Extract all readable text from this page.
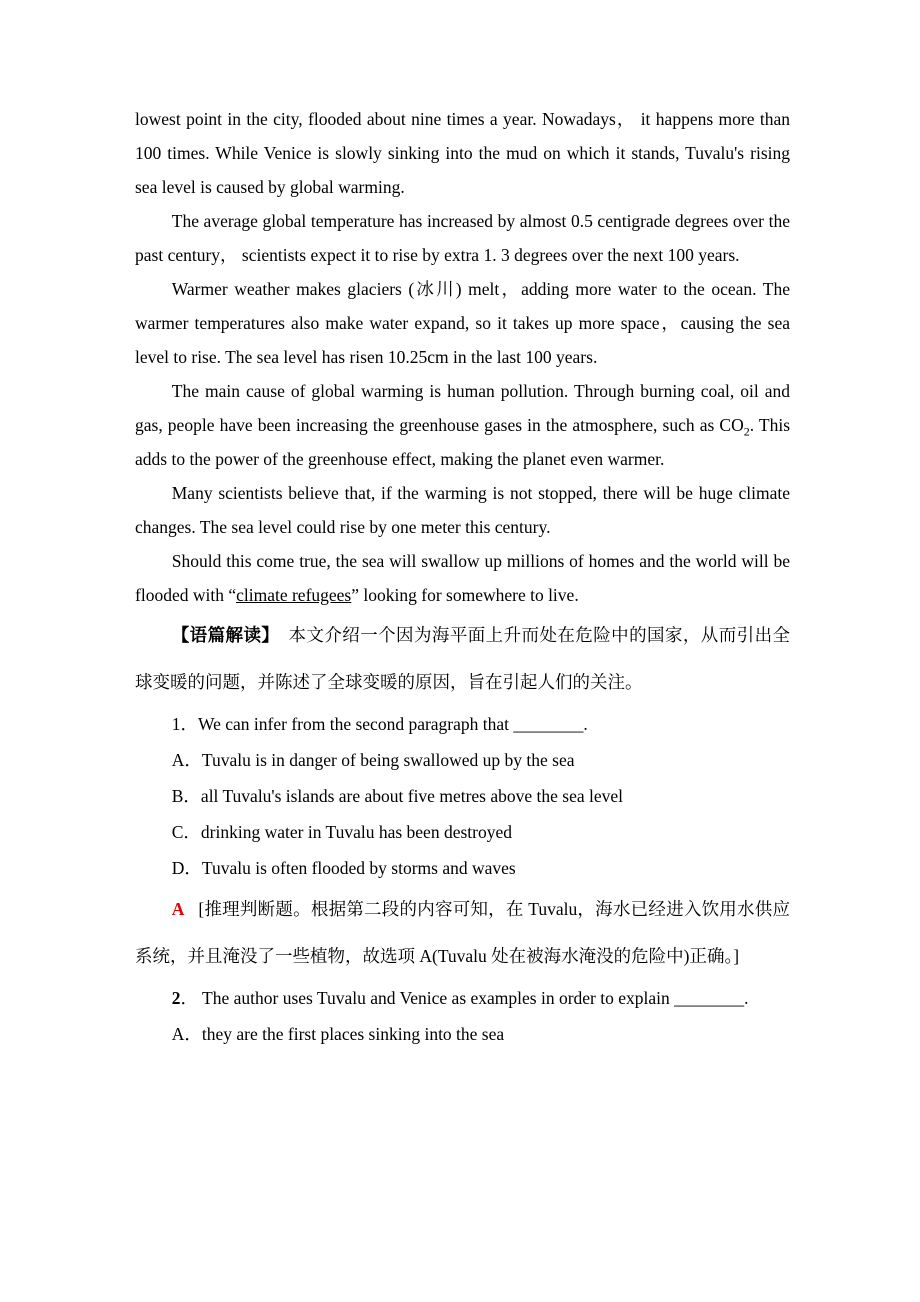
lowest point in the city, flooded about nine times a year. Nowadays， it happens more than 100 times. While Venice is slowly sinking into the mud on which it stands, Tuvalu's rising sea level is caused by global warming.

The average global temperature has increased by almost 0.5 centigrade degrees over the past century， scientists expect it to rise by extra 1. 3 degrees over the next 100 years.

Warmer weather makes glaciers (冰川) melt，adding more water to the ocean. The warmer temperatures also make water expand, so it takes up more space，causing the sea level to rise. The sea level has risen 10.25cm in the last 100 years.

The main cause of global warming is human pollution. Through burning coal, oil and gas, people have been increasing the greenhouse gases in the atmosphere, such as $CO_2$. This adds to the power of the greenhouse effect, making the planet even warmer.

Many scientists believe that, if the warming is not stopped, there will be huge climate changes. The sea level could rise by one meter this century.

Should this come true, the sea will swallow up millions of homes and the world will be flooded with “climate refugees” looking for somewhere to live.

【语篇解读】　本文介绍一个因为海平面上升而处在危险中的国家，从而引出全球变暖的问题，并陈述了全球变暖的原因，旨在引起人们的关注。

1．We can infer from the second paragraph that ________.

A．Tuvalu is in danger of being swallowed up by the sea
B．all Tuvalu's islands are about five metres above the sea level
C．drinking water in Tuvalu has been destroyed
D．Tuvalu is often flooded by storms and waves

A [推理判断题。根据第二段的内容可知，在 Tuvalu，海水已经进入饮用水供应系统，并且淹没了一些植物，故选项 A(Tuvalu 处在被海水淹没的危险中)正确。]

2． The author uses Tuvalu and Venice as examples in order to explain ________.

A．they are the first places sinking into the sea
